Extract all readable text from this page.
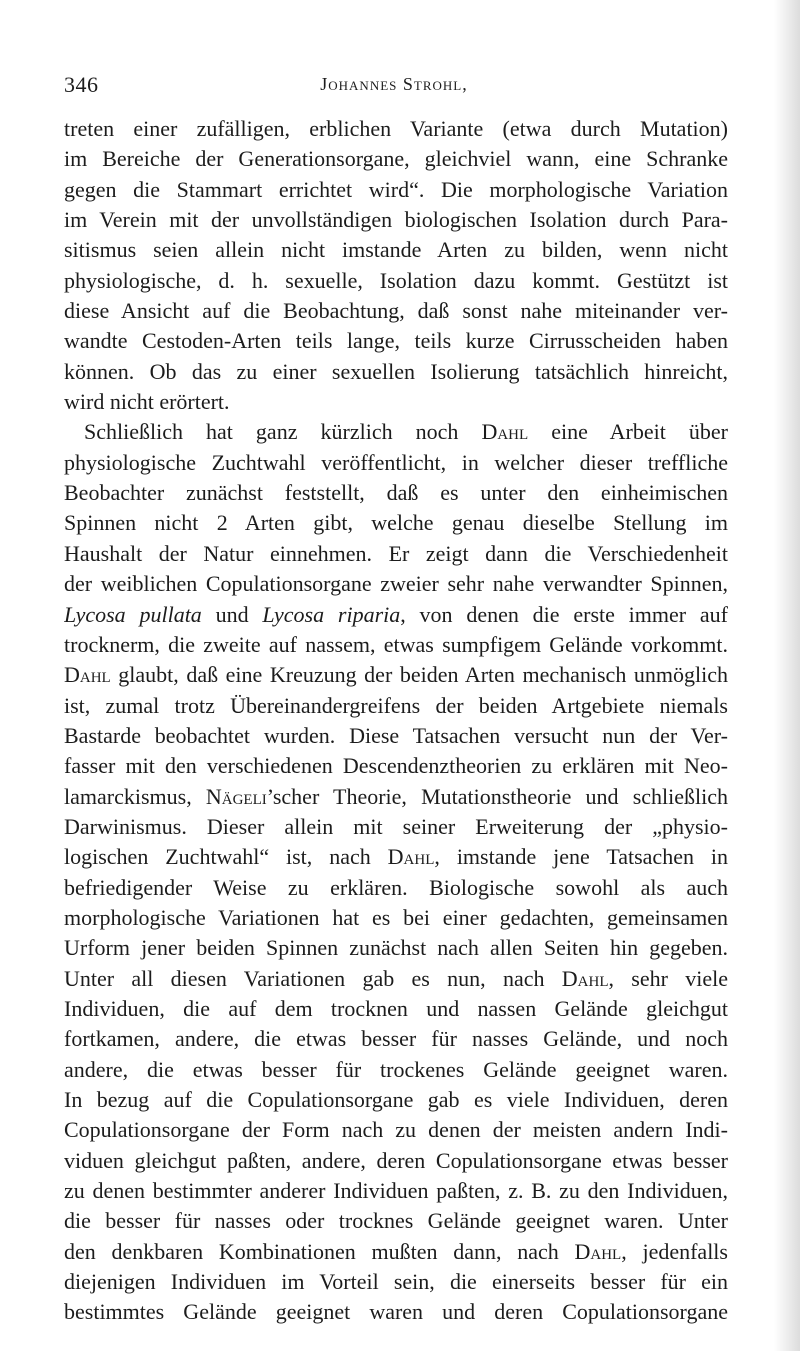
346	Johannes Strohl,
treten einer zufälligen, erblichen Variante (etwa durch Mutation)
im Bereiche der Generationsorgane, gleichviel wann, eine Schranke
gegen die Stammart errichtet wird“. Die morphologische Variation
im Verein mit der unvollständigen biologischen Isolation durch Para-
sitismus seien allein nicht imstande Arten zu bilden, wenn nicht
physiologische, d. h. sexuelle, Isolation dazu kommt. Gestützt ist
diese Ansicht auf die Beobachtung, daß sonst nahe miteinander ver-
wandte Cestoden-Arten teils lange, teils kurze Cirrusscheiden haben
können. Ob das zu einer sexuellen Isolierung tatsächlich hinreicht,
wird nicht erörtert.
Schließlich hat ganz kürzlich noch Dahl eine Arbeit über
physiologische Zuchtwahl veröffentlicht, in welcher dieser treffliche
Beobachter zunächst feststellt, daß es unter den einheimischen
Spinnen nicht 2 Arten gibt, welche genau dieselbe Stellung im
Haushalt der Natur einnehmen. Er zeigt dann die Verschiedenheit
der weiblichen Copulationsorgane zweier sehr nahe verwandter Spinnen,
Lycosa pullata und Lycosa riparia, von denen die erste immer auf
trocknerm, die zweite auf nassem, etwas sumpfigem Gelände vorkommt.
Dahl glaubt, daß eine Kreuzung der beiden Arten mechanisch unmöglich
ist, zumal trotz Übereinandergreifens der beiden Artgebiete niemals
Bastarde beobachtet wurden. Diese Tatsachen versucht nun der Ver-
fasser mit den verschiedenen Descendenztheorien zu erklären mit Neo-
lamarckismus, Nägeli’scher Theorie, Mutationstheorie und schließlich
Darwinismus. Dieser allein mit seiner Erweiterung der „physio-
logischen Zuchtwahl“ ist, nach Dahl, imstande jene Tatsachen in
befriedigender Weise zu erklären. Biologische sowohl als auch
morphologische Variationen hat es bei einer gedachten, gemeinsamen
Urform jener beiden Spinnen zunächst nach allen Seiten hin gegeben.
Unter all diesen Variationen gab es nun, nach Dahl, sehr viele
Individuen, die auf dem trocknen und nassen Gelände gleichgut
fortkamen, andere, die etwas besser für nasses Gelände, und noch
andere, die etwas besser für trockenes Gelände geeignet waren.
In bezug auf die Copulationsorgane gab es viele Individuen, deren
Copulationsorgane der Form nach zu denen der meisten andern Indi-
viduen gleichgut paßten, andere, deren Copulationsorgane etwas besser
zu denen bestimmter anderer Individuen paßten, z. B. zu den Individuen,
die besser für nasses oder trocknes Gelände geeignet waren. Unter
den denkbaren Kombinationen mußten dann, nach Dahl, jedenfalls
diejenigen Individuen im Vorteil sein, die einerseits besser für ein
bestimmtes Gelände geeignet waren und deren Copulationsorgane
